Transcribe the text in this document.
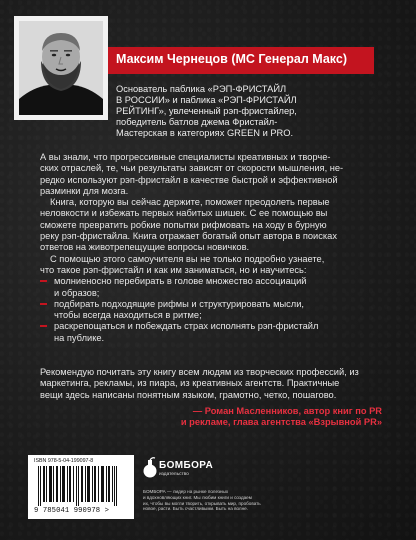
Максим Чернецов (MC Генерал Макс)

Основатель паблика «РЭП-ФРИСТАЙЛ

В РОССИИ» и паблика «РЭП-ФРИСТАЙЛ

РЕЙТИНГ», увлеченный рэп-фристайлер,

победитель батлов джема Фристайл-

Мастерская в категориях GREEN и PRO.

А вы знали, что прогрессивные специалисты креативных и творче-

ских отраслей, те, чьи результаты зависят от скорости мышления, не-

редко используют рэп-фристайл в качестве быстрой и эффективной

разминки для мозга.

Книга, которую вы сейчас держите, поможет преодолеть первые

неловкости и избежать первых набитых шишек. С ее помощью вы

сможете превратить робкие попытки рифмовать на ходу в бурную

реку рэп-фристайла. Книга отражает богатый опыт автора в поисках

ответов на животрепещущие вопросы новичков.

С помощью этого самоучителя вы не только подробно узнаете,

что такое рэп-фристайл и как им заниматься, но и научитесь:

молниеносно перебирать в голове множество ассоциаций
и образов;
подбирать подходящие рифмы и структурировать мысли,
чтобы всегда находиться в ритме;
раскрепощаться и побеждать страх исполнять рэп-фристайл
на публике.

Рекомендую почитать эту книгу всем людям из творческих профессий, из

маркетинга, рекламы, из пиара, из креативных агентств. Практичные

вещи здесь написаны понятным языком, грамотно, четко, пошагово.

— Роман Масленников, автор книг по PR
и рекламе, глава агентства «Взрывной PR»
ISBN 978-5-04-199097-8
9 785041 990978 >
БОМБОРА
издательство
БОМБОРА — лидер на рынке полезных
и вдохновляющих книг. Мы любим книги и создаем
их, чтобы вы могли творить, открывать мир, пробовать
новое, расти. Быть счастливыми. Быть на волне.
